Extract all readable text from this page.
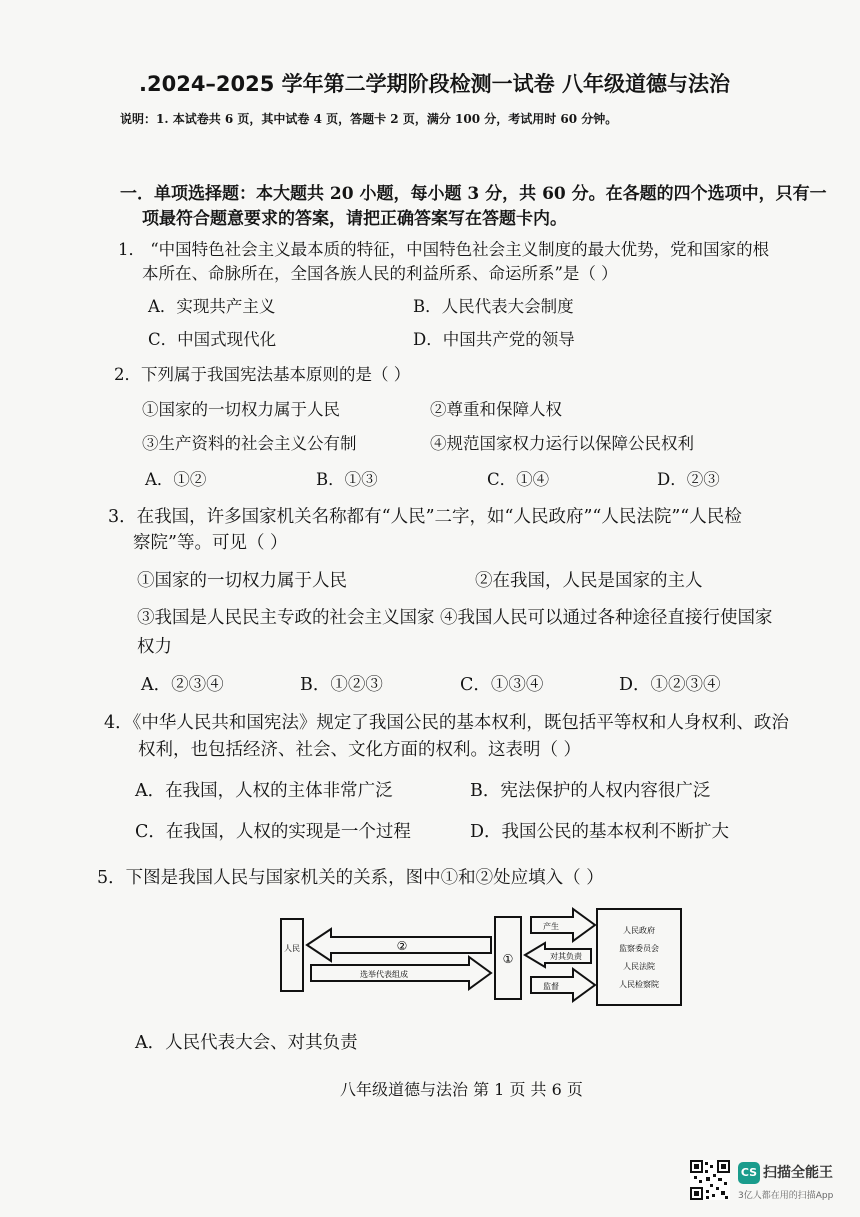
.2024–2025 学年第二学期阶段检测一试卷 八年级道德与法治
说明：1. 本试卷共 6 页，其中试卷 4 页，答题卡 2 页，满分 100 分，考试用时 60 分钟。
一．单项选择题：本大题共 20 小题，每小题 3 分，共 60 分。在各题的四个选项中，只有一
项最符合题意要求的答案，请把正确答案写在答题卡内。
1． “中国特色社会主义最本质的特征，中国特色社会主义制度的最大优势，党和国家的根
本所在、命脉所在，全国各族人民的利益所系、命运所系”是（ ）
A．实现共产主义	B．人民代表大会制度
C．中国式现代化	D．中国共产党的领导
2．下列属于我国宪法基本原则的是（ ）
①国家的一切权力属于人民	②尊重和保障人权
③生产资料的社会主义公有制	④规范国家权力运行以保障公民权利
A．①②	B．①③	C．①④	D．②③
3．在我国，许多国家机关名称都有“人民”二字，如“人民政府”“人民法院”“人民检
察院”等。可见（ ）
①国家的一切权力属于人民	②在我国，人民是国家的主人
③我国是人民民主专政的社会主义国家 ④我国人民可以通过各种途径直接行使国家
权力
A．②③④	B．①②③	C．①③④	D．①②③④
4．《中华人民共和国宪法》规定了我国公民的基本权利，既包括平等权和人身权利、政治
权利，也包括经济、社会、文化方面的权利。这表明（ ）
A．在我国，人权的主体非常广泛	B．宪法保护的人权内容很广泛
C．在我国，人权的实现是一个过程	D．我国公民的基本权利不断扩大
5．下图是我国人民与国家机关的关系，图中①和②处应填入（ ）
人民	②
选举代表组成
①
产生
对其负责
监督
人民政府
监察委员会
人民法院
人民检察院
A．人民代表大会、对其负责
八年级道德与法治 第 1 页 共 6 页
CS 扫描全能王
3亿人都在用的扫描App
